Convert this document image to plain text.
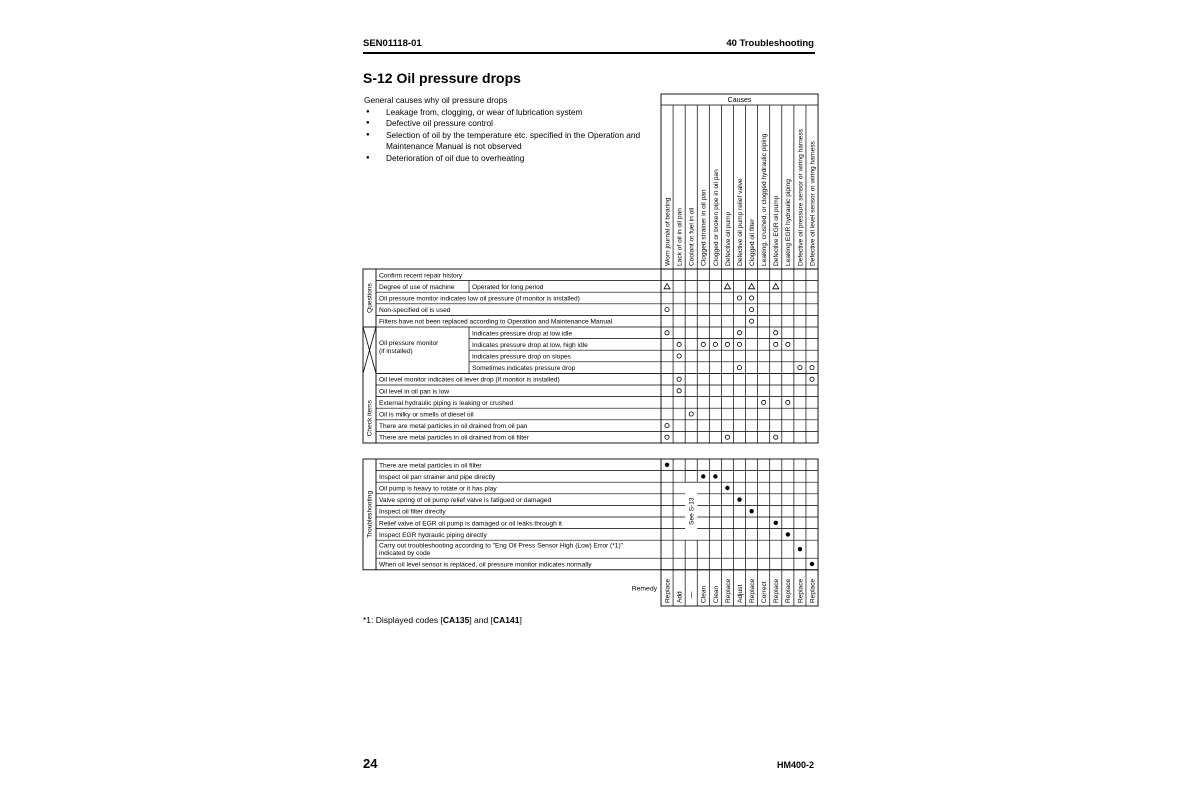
SEN01118-01	40 Troubleshooting
S-12 Oil pressure drops
General causes why oil pressure drops
● Leakage from, clogging, or wear of lubrication system
● Defective oil pressure control
● Selection of oil by the temperature etc. specified in the Operation and Maintenance Manual is not observed
● Deterioration of oil due to overheating
Causes
Worn journal of bearing Lack of oil in oil pan Coolant or fuel in oil Clogged strainer in oil pan Clogged or broken pipe in oil pan Defective oil pump Defective oil pump relief valve Clogged oil filter Leaking, crushed, or clogged hydraulic piping Defective EGR oil pump Leaking EGR hydraulic piping Defective oil pressure sensor or wiring harness Defective oil level sensor or wiring harness
Questions
Check items
Degree of use of machine
Oil pressure monitor
(if installed)
Confirm recent repair history
Operated for long period
Oil pressure monitor indicates low oil pressure (if monitor is installed)
Non-specified oil is used
Filters have not been replaced according to Operation and Maintenance Manual
Indicates pressure drop at low idle
Indicates pressure drop at low, high idle
Indicates pressure drop on slopes
Sometimes indicates pressure drop
Oil level monitor indicates oil lever drop (if monitor is installed)
Oil level in oil pan is low
External hydraulic piping is leaking or crushed
Oil is milky or smells of diesel oil
There are metal particles in oil drained from oil pan
There are metal particles in oil drained from oil filter
See S-13
Troubleshooting
There are metal particles in oil filter
Inspect oil pan strainer and pipe directly
Oil pump is heavy to rotate or it has play
Valve spring of oil pump relief valve is fatigued or damaged
Inspect oil filter directly
Relief valve of EGR oil pump is damaged or oil leaks through it
Inspect EGR hydraulic piping directly
Carry out troubleshooting according to "Eng Oil Press Sensor High (Low) Error (*1)"
indicated by code
When oil level sensor is replaced, oil pressure monitor indicates normally
Remedy Replace Add — Clean Clean Replace Adjust Replace Correct Replace Replace Replace Replace
*1: Displayed codes [CA135] and [CA141]
24	HM400-2
